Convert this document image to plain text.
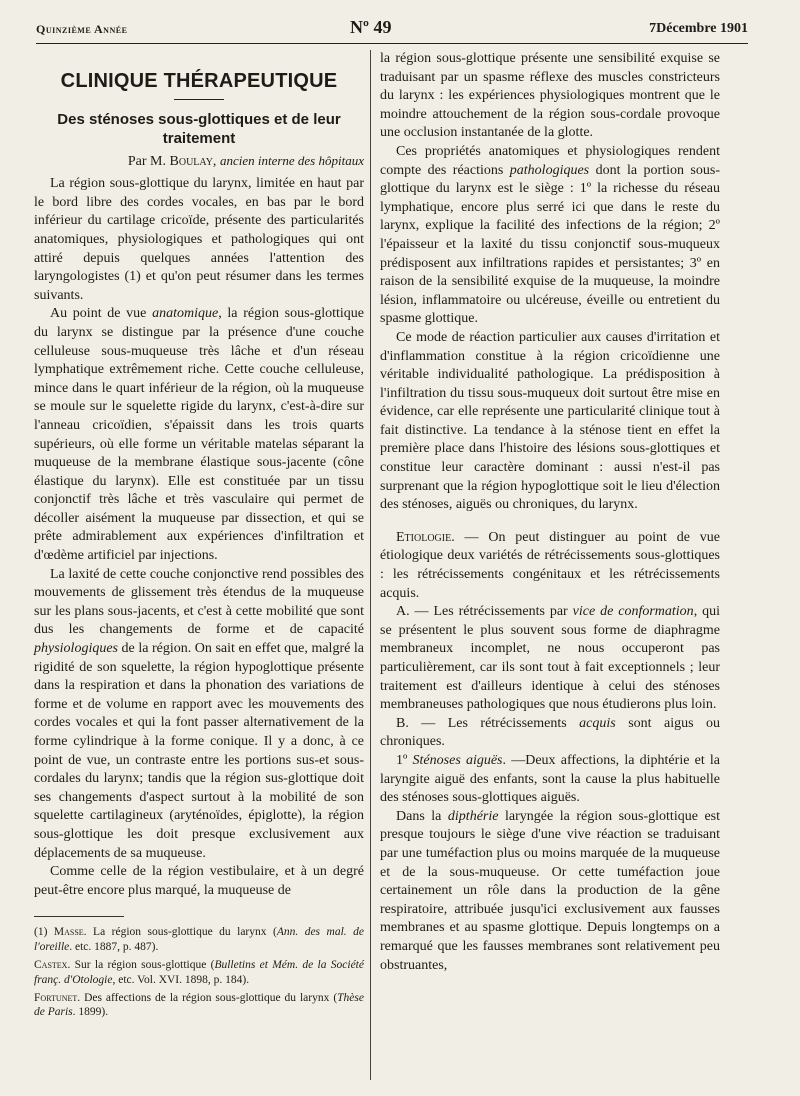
Quinzième Année	Nº 49	7Décembre 1901
CLINIQUE THÉRAPEUTIQUE
Des sténoses sous-glottiques et de leur traitement
Par M. Boulay, ancien interne des hôpitaux

La région sous-glottique du larynx, limitée en haut par le bord libre des cordes vocales, en bas par le bord inférieur du cartilage cricoïde, présente des particularités anatomiques, physiologiques et pathologiques qui ont attiré depuis quelques années l'attention des laryngologistes (1) et qu'on peut résumer dans les termes suivants.

Au point de vue anatomique, la région sous-glottique du larynx se distingue par la présence d'une couche celluleuse sous-muqueuse très lâche et d'un réseau lymphatique extrêmement riche. Cette couche celluleuse, mince dans le quart inférieur de la région, où la muqueuse se moule sur le squelette rigide du larynx, c'est-à-dire sur l'anneau cricoïdien, s'épaissit dans les trois quarts supérieurs, où elle forme un véritable matelas séparant la muqueuse de la membrane élastique sous-jacente (cône élastique du larynx). Elle est constituée par un tissu conjonctif très lâche et très vasculaire qui permet de décoller aisément la muqueuse par dissection, et qui se prête admirablement aux expériences d'infiltration et d'œdème artificiel par injections.

La laxité de cette couche conjonctive rend possibles des mouvements de glissement très étendus de la muqueuse sur les plans sous-jacents, et c'est à cette mobilité que sont dus les changements de forme et de capacité physiologiques de la région. On sait en effet que, malgré la rigidité de son squelette, la région hypoglottique présente dans la respiration et dans la phonation des variations de forme et de volume en rapport avec les mouvements des cordes vocales et qui la font passer alternativement de la forme cylindrique à la forme conique. Il y a donc, à ce point de vue, un contraste entre les portions sus-et sous-cordales du larynx; tandis que la région sus-glottique doit ses changements d'aspect surtout à la mobilité de son squelette cartilagineux (aryténoïdes, épiglotte), la région sous-glottique les doit presque exclusivement aux déplacements de sa muqueuse.

Comme celle de la région vestibulaire, et à un degré peut-être encore plus marqué, la muqueuse de

(1) Masse. La région sous-glottique du larynx (Ann. des mal. de l'oreille. etc. 1887, p. 487).

Castex. Sur la région sous-glottique (Bulletins et Mém. de la Société franç. d'Otologie, etc. Vol. XVI. 1898, p. 184).

Fortunet. Des affections de la région sous-glottique du larynx (Thèse de Paris. 1899).

la région sous-glottique présente une sensibilité exquise se traduisant par un spasme réflexe des muscles constricteurs du larynx : les expériences physiologiques montrent que le moindre attouchement de la région sous-cordale provoque une occlusion instantanée de la glotte.

Ces propriétés anatomiques et physiologiques rendent compte des réactions pathologiques dont la portion sous-glottique du larynx est le siège : 1º la richesse du réseau lymphatique, encore plus serré ici que dans le reste du larynx, explique la facilité des infections de la région; 2º l'épaisseur et la laxité du tissu conjonctif sous-muqueux prédisposent aux infiltrations rapides et persistantes; 3º en raison de la sensibilité exquise de la muqueuse, la moindre lésion, inflammatoire ou ulcéreuse, éveille ou entretient du spasme glottique.

Ce mode de réaction particulier aux causes d'irritation et d'inflammation constitue à la région cricoïdienne une véritable individualité pathologique. La prédisposition à l'infiltration du tissu sous-muqueux doit surtout être mise en évidence, car elle représente une particularité clinique tout à fait distinctive. La tendance à la sténose tient en effet la première place dans l'histoire des lésions sous-glottiques et constitue leur caractère dominant : aussi n'est-il pas surprenant que la région hypoglottique soit le lieu d'élection des sténoses, aiguës ou chroniques, du larynx.

Etiologie. — On peut distinguer au point de vue étiologique deux variétés de rétrécissements sous-glottiques : les rétrécissements congénitaux et les rétrécissements acquis.

A. — Les rétrécissements par vice de conformation, qui se présentent le plus souvent sous forme de diaphragme membraneux incomplet, ne nous occuperont pas particulièrement, car ils sont tout à fait exceptionnels ; leur traitement est d'ailleurs identique à celui des sténoses membraneuses pathologiques que nous étudierons plus loin.

B. — Les rétrécissements acquis sont aigus ou chroniques.

1º Sténoses aiguës. —Deux affections, la diphtérie et la laryngite aiguë des enfants, sont la cause la plus habituelle des sténoses sous-glottiques aiguës.

Dans la dipthérie laryngée la région sous-glottique est presque toujours le siège d'une vive réaction se traduisant par une tuméfaction plus ou moins marquée de la muqueuse et de la sous-muqueuse. Or cette tuméfaction joue certainement un rôle dans la production de la gêne respiratoire, attribuée jusqu'ici exclusivement aux fausses membranes et au spasme glottique. Depuis longtemps on a remarqué que les fausses membranes sont relativement peu obstruantes,
